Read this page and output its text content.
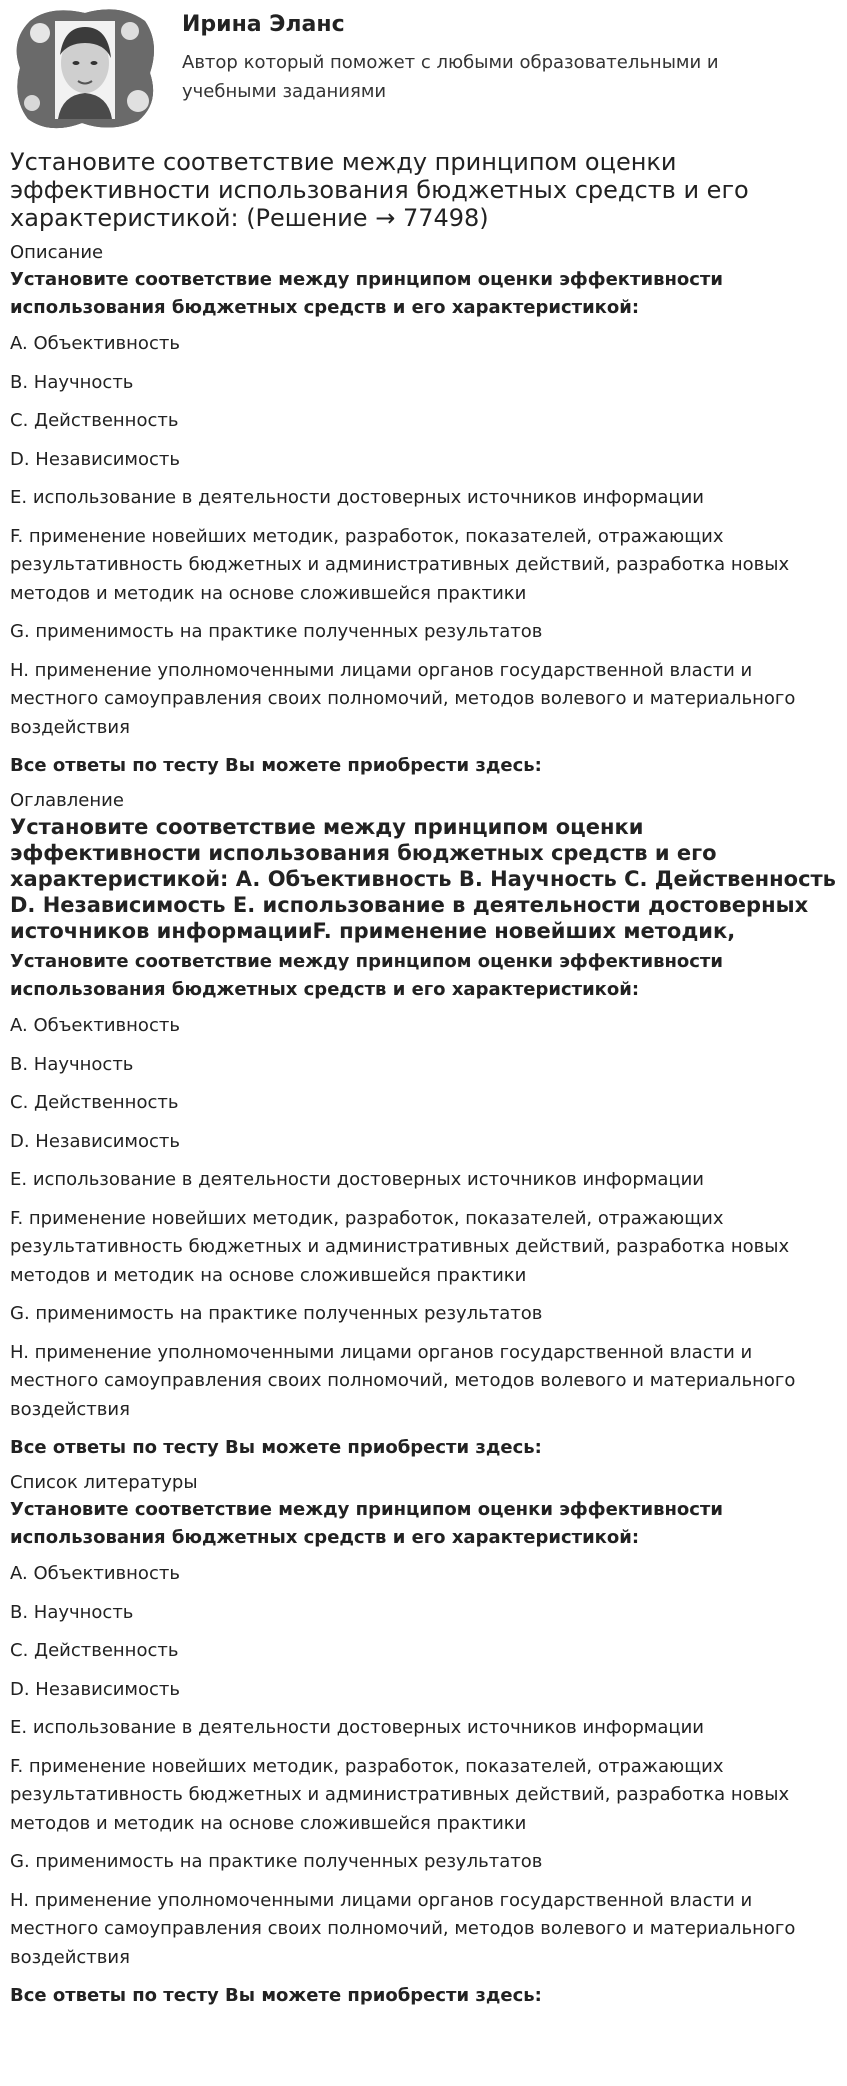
Ирина Эланс
Автор который поможет с любыми образовательными и учебными заданиями
Установите соответствие между принципом оценки эффективности использования бюджетных средств и его характеристикой: (Решение → 77498)
Описание
Установите соответствие между принципом оценки эффективности использования бюджетных средств и его характеристикой:
A. Объективность
B. Научность
C. Действенность
D. Независимость
E. использование в деятельности достоверных источников информации
F. применение новейших методик, разработок, показателей, отражающих результативность бюджетных и административных действий, разработка новых методов и методик на основе сложившейся практики
G. применимость на практике полученных результатов
H. применение уполномоченными лицами органов государственной власти и местного самоуправления своих полномочий, методов волевого и материального воздействия
Все ответы по тесту Вы можете приобрести здесь:
Оглавление
Установите соответствие между принципом оценки эффективности использования бюджетных средств и его характеристикой: A. Объективность B. Научность C. Действенность D. Независимость E. использование в деятельности достоверных источников информацииF. применение новейших методик,
Установите соответствие между принципом оценки эффективности использования бюджетных средств и его характеристикой:
A. Объективность
B. Научность
C. Действенность
D. Независимость
E. использование в деятельности достоверных источников информации
F. применение новейших методик, разработок, показателей, отражающих результативность бюджетных и административных действий, разработка новых методов и методик на основе сложившейся практики
G. применимость на практике полученных результатов
H. применение уполномоченными лицами органов государственной власти и местного самоуправления своих полномочий, методов волевого и материального воздействия
Все ответы по тесту Вы можете приобрести здесь:
Список литературы
Установите соответствие между принципом оценки эффективности использования бюджетных средств и его характеристикой:
A. Объективность
B. Научность
C. Действенность
D. Независимость
E. использование в деятельности достоверных источников информации
F. применение новейших методик, разработок, показателей, отражающих результативность бюджетных и административных действий, разработка новых методов и методик на основе сложившейся практики
G. применимость на практике полученных результатов
H. применение уполномоченными лицами органов государственной власти и местного самоуправления своих полномочий, методов волевого и материального воздействия
Все ответы по тесту Вы можете приобрести здесь:
